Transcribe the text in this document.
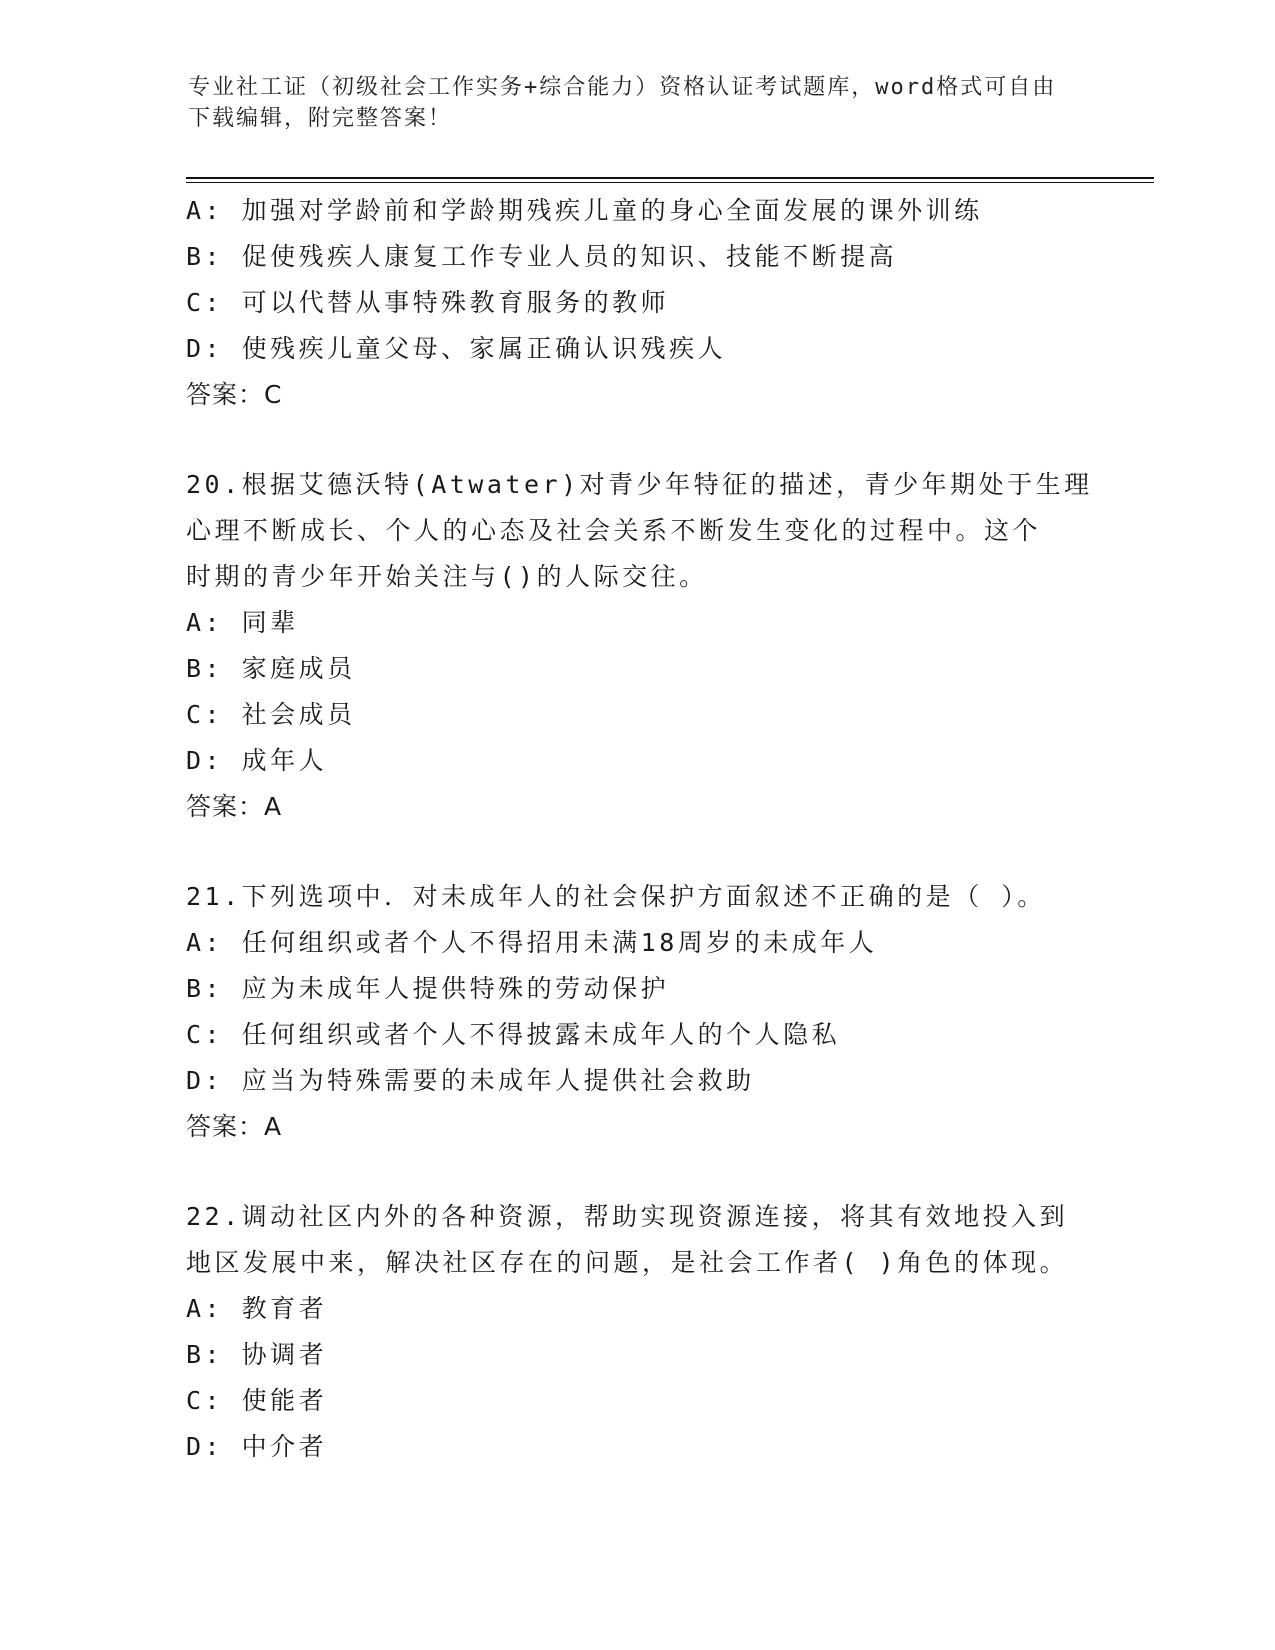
专业社工证（初级社会工作实务+综合能力）资格认证考试题库，word格式可自由
下载编辑，附完整答案！
A: 加强对学龄前和学龄期残疾儿童的身心全面发展的课外训练
B: 促使残疾人康复工作专业人员的知识、技能不断提高
C: 可以代替从事特殊教育服务的教师
D: 使残疾儿童父母、家属正确认识残疾人
答案：C
20.根据艾德沃特(Atwater)对青少年特征的描述，青少年期处于生理
心理不断成长、个人的心态及社会关系不断发生变化的过程中。这个
时期的青少年开始关注与()的人际交往。
A: 同辈
B: 家庭成员
C: 社会成员
D: 成年人
答案：A
21.下列选项中．对未成年人的社会保护方面叙述不正确的是（ ）。
A: 任何组织或者个人不得招用未满18周岁的未成年人
B: 应为未成年人提供特殊的劳动保护
C: 任何组织或者个人不得披露未成年人的个人隐私
D: 应当为特殊需要的未成年人提供社会救助
答案：A
22.调动社区内外的各种资源，帮助实现资源连接，将其有效地投入到
地区发展中来，解决社区存在的问题，是社会工作者( )角色的体现。
A: 教育者
B: 协调者
C: 使能者
D: 中介者
